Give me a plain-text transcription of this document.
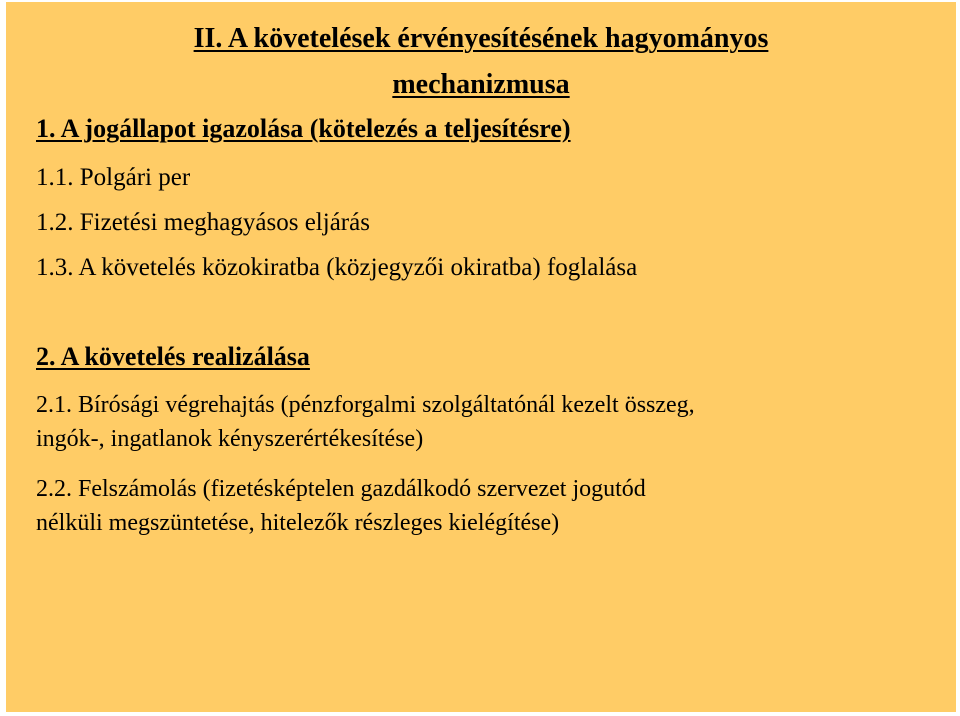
II. A követelések érvényesítésének hagyományos
mechanizmusa
1. A jogállapot igazolása (kötelezés a teljesítésre)
1.1. Polgári per
1.2. Fizetési meghagyásos eljárás
1.3. A követelés közokiratba (közjegyzői okiratba) foglalása
2. A követelés realizálása
2.1. Bírósági végrehajtás (pénzforgalmi szolgáltatónál kezelt összeg,
ingók-, ingatlanok kényszerértékesítése)
2.2. Felszámolás (fizetésképtelen gazdálkodó szervezet jogutód
nélküli megszüntetése, hitelezők részleges kielégítése)
